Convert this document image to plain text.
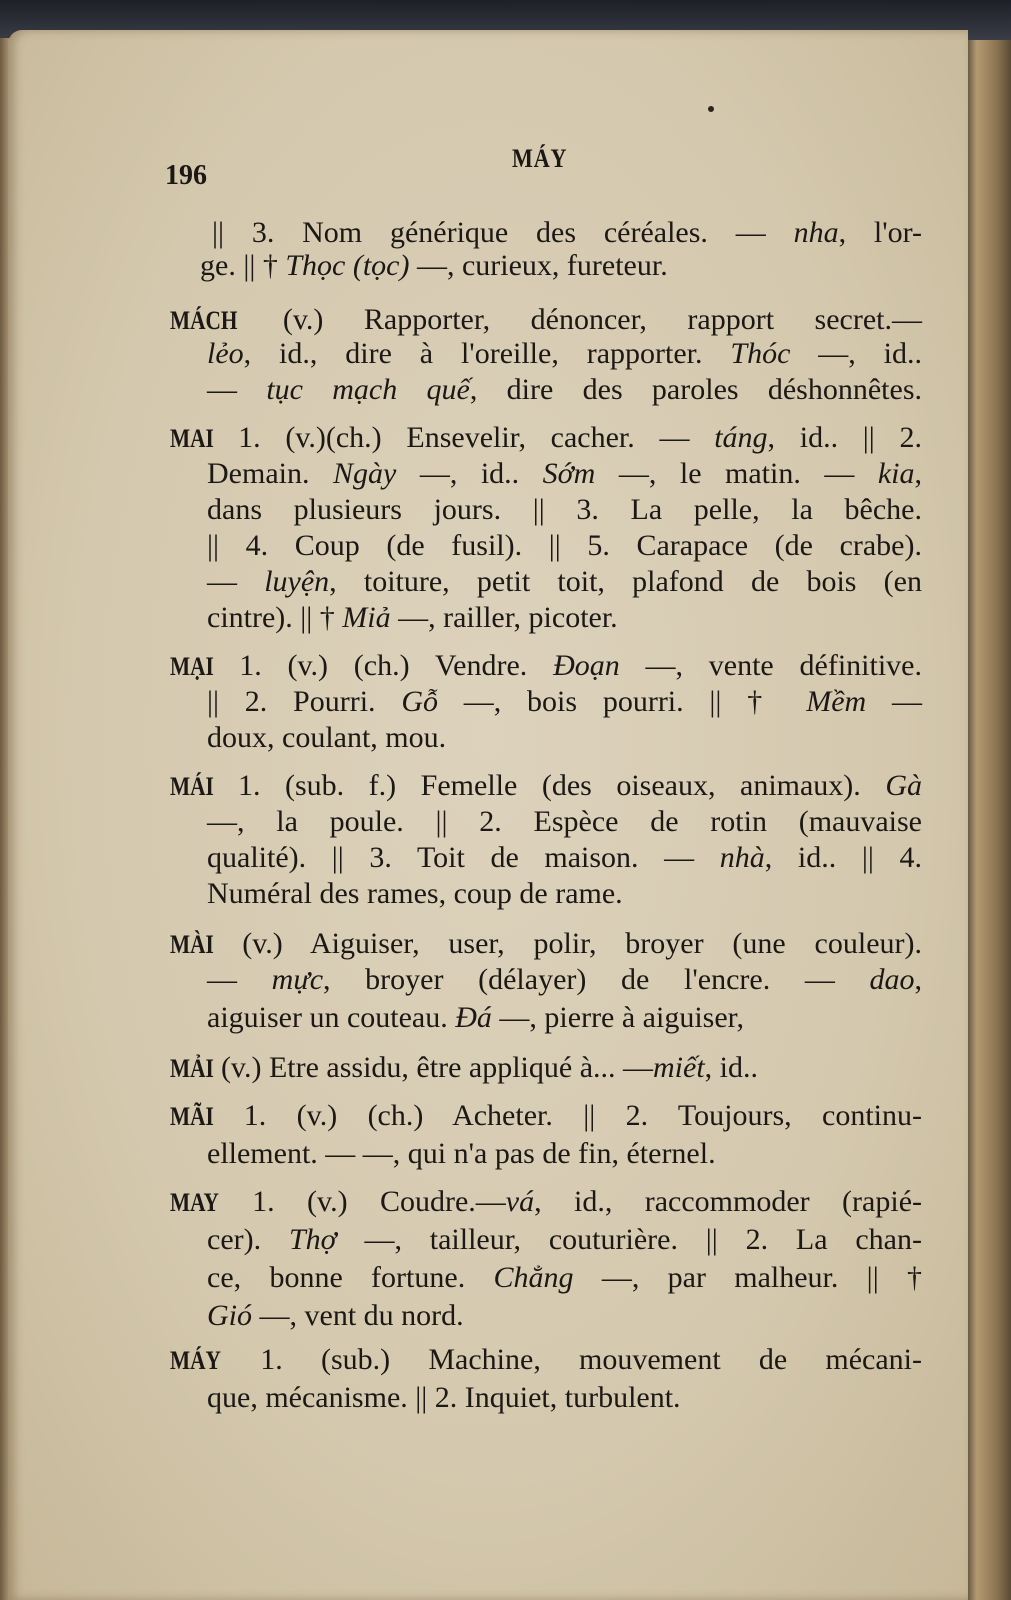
196
MÁY
|| 3. Nom générique des céréales. — nha, l'or-
ge. || † Thọc (tọc) —, curieux, fureteur.
MÁCH (v.) Rapporter, dénoncer, rapport secret.—
lẻo, id., dire à l'oreille, rapporter. Thóc —, id..
— tục mạch quế, dire des paroles déshonnêtes.
MAI 1. (v.)(ch.) Ensevelir, cacher. — táng, id.. || 2.
Demain. Ngày —, id.. Sớm —, le matin. — kia,
dans plusieurs jours. || 3. La pelle, la bêche.
|| 4. Coup (de fusil). || 5. Carapace (de crabe).
— luyện, toiture, petit toit, plafond de bois (en
cintre). || † Miả —, railler, picoter.
MẠI 1. (v.) (ch.) Vendre. Đoạn —, vente définitive.
|| 2. Pourri. Gỗ —, bois pourri. || † Mềm —
doux, coulant, mou.
MÁI 1. (sub. f.) Femelle (des oiseaux, animaux). Gà
—, la poule. || 2. Espèce de rotin (mauvaise
qualité). || 3. Toit de maison. — nhà, id.. || 4.
Numéral des rames, coup de rame.
MÀI (v.) Aiguiser, user, polir, broyer (une couleur).
— mực, broyer (délayer) de l'encre. — dao,
aiguiser un couteau. Đá —, pierre à aiguiser,
MẢI (v.) Etre assidu, être appliqué à... —miết, id..
MÃI 1. (v.) (ch.) Acheter. || 2. Toujours, continu-
ellement. — —, qui n'a pas de fin, éternel.
MAY 1. (v.) Coudre.—vá, id., raccommoder (rapié-
cer). Thợ —, tailleur, couturière. || 2. La chan-
ce, bonne fortune. Chẳng —, par malheur. || †
Gió —, vent du nord.
MÁY 1. (sub.) Machine, mouvement de mécani-
que, mécanisme. || 2. Inquiet, turbulent.
